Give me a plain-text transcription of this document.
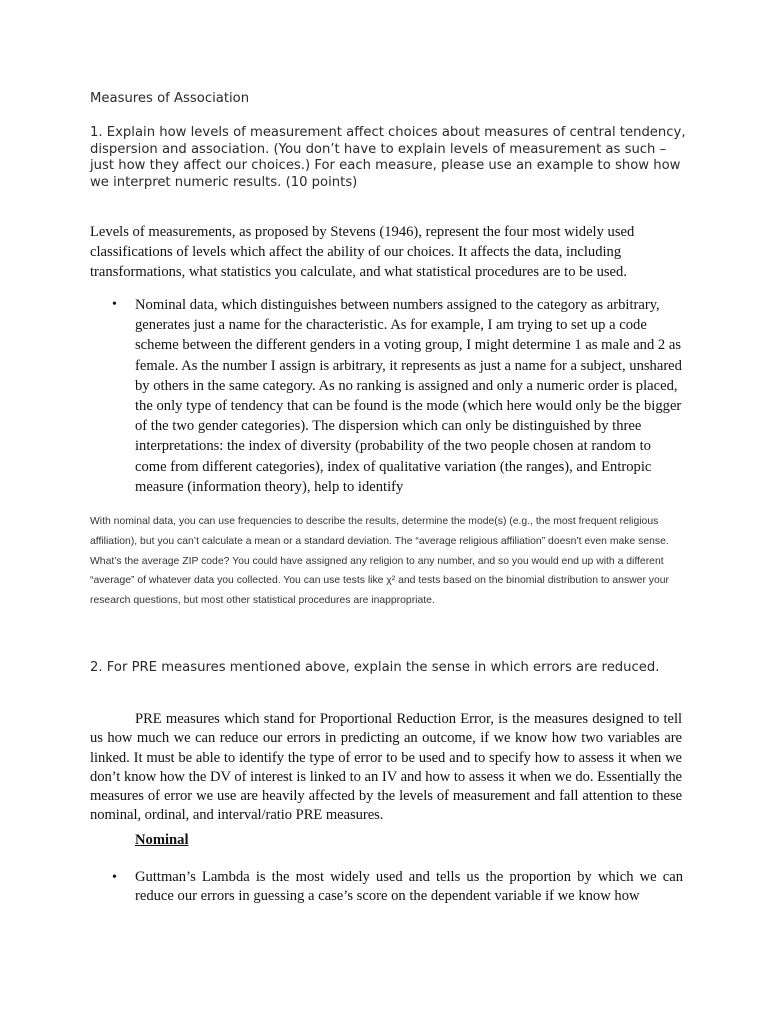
Measures of Association

1. Explain how levels of measurement affect choices about measures of central tendency, dispersion and association. (You don’t have to explain levels of measurement as such – just how they affect our choices.) For each measure, please use an example to show how we interpret numeric results. (10 points)

Levels of measurements, as proposed by Stevens (1946), represent the four most widely used classifications of levels which affect the ability of our choices. It affects the data, including transformations, what statistics you calculate, and what statistical procedures are to be used.

• Nominal data, which distinguishes between numbers assigned to the category as arbitrary, generates just a name for the characteristic. As for example, I am trying to set up a code scheme between the different genders in a voting group, I might determine 1 as male and 2 as female. As the number I assign is arbitrary, it represents as just a name for a subject, unshared by others in the same category. As no ranking is assigned and only a numeric order is placed, the only type of tendency that can be found is the mode (which here would only be the bigger of the two gender categories). The dispersion which can only be distinguished by three interpretations: the index of diversity (probability of the two people chosen at random to come from different categories), index of qualitative variation (the ranges), and Entropic measure (information theory), help to identify

With nominal data, you can use frequencies to describe the results, determine the mode(s) (e.g., the most frequent religious affiliation), but you can’t calculate a mean or a standard deviation. The “average religious affiliation” doesn’t even make sense. What’s the average ZIP code? You could have assigned any religion to any number, and so you would end up with a different “average” of whatever data you collected. You can use tests like χ² and tests based on the binomial distribution to answer your research questions, but most other statistical procedures are inappropriate.

2. For PRE measures mentioned above, explain the sense in which errors are reduced.

PRE measures which stand for Proportional Reduction Error, is the measures designed to tell us how much we can reduce our errors in predicting an outcome, if we know how two variables are linked. It must be able to identify the type of error to be used and to specify how to assess it when we don’t know how the DV of interest is linked to an IV and how to assess it when we do. Essentially the measures of error we use are heavily affected by the levels of measurement and fall attention to these nominal, ordinal, and interval/ratio PRE measures.

Nominal

• Guttman’s Lambda is the most widely used and tells us the proportion by which we can reduce our errors in guessing a case’s score on the dependent variable if we know how
